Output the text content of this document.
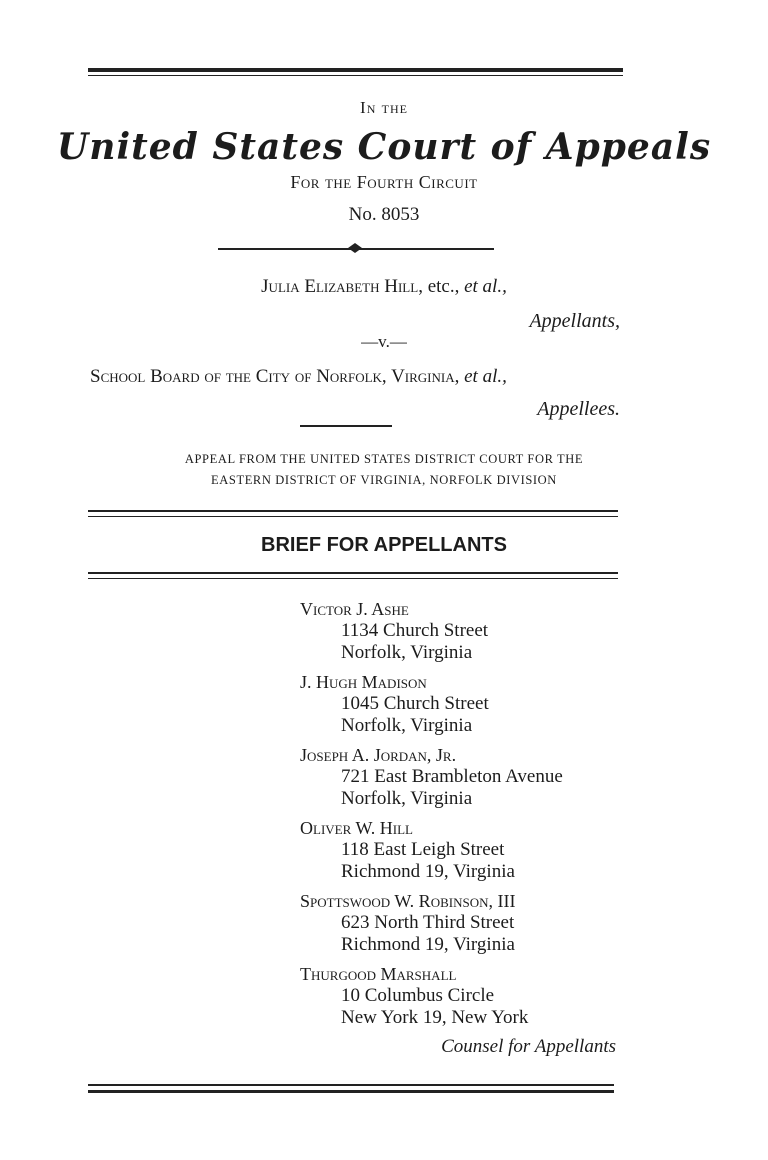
In the
United States Court of Appeals
For the Fourth Circuit
No. 8053
Julia Elizabeth Hill, etc., et al.,
Appellants,
—v.—
School Board of the City of Norfolk, Virginia, et al.,
Appellees.
APPEAL FROM THE UNITED STATES DISTRICT COURT FOR THE
EASTERN DISTRICT OF VIRGINIA, NORFOLK DIVISION
BRIEF FOR APPELLANTS
Victor J. Ashe
1134 Church Street
Norfolk, Virginia
J. Hugh Madison
1045 Church Street
Norfolk, Virginia
Joseph A. Jordan, Jr.
721 East Brambleton Avenue
Norfolk, Virginia
Oliver W. Hill
118 East Leigh Street
Richmond 19, Virginia
Spottswood W. Robinson, III
623 North Third Street
Richmond 19, Virginia
Thurgood Marshall
10 Columbus Circle
New York 19, New York
Counsel for Appellants
